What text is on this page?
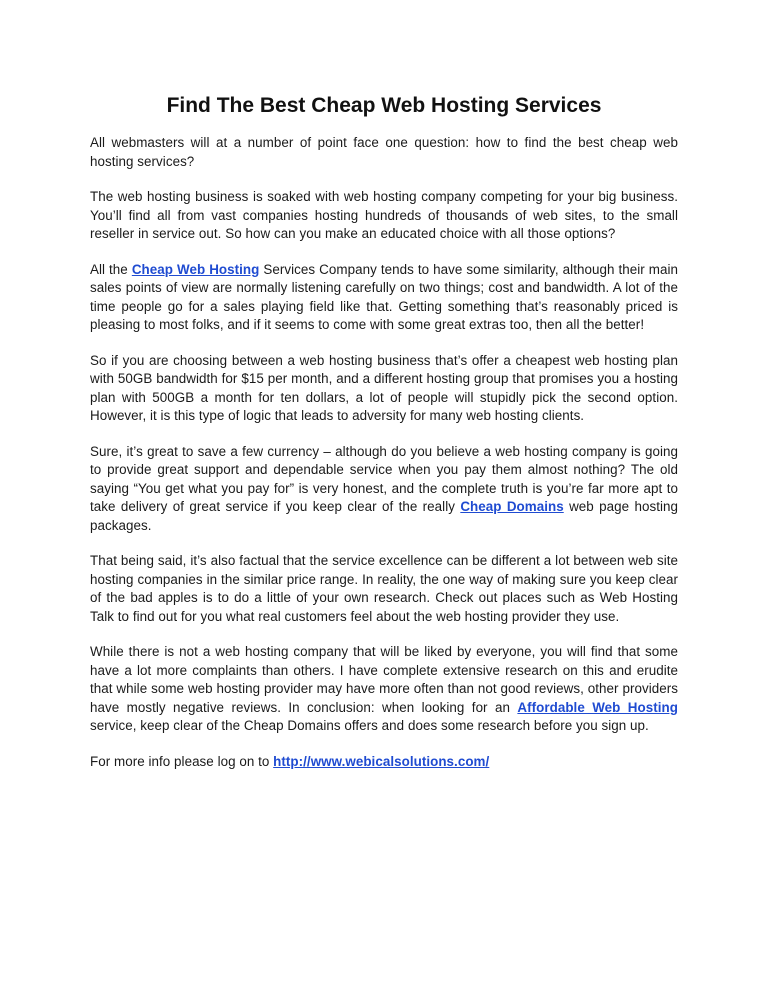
Find The Best Cheap Web Hosting Services

All webmasters will at a number of point face one question: how to find the best cheap web hosting services?

The web hosting business is soaked with web hosting company competing for your big business. You’ll find all from vast companies hosting hundreds of thousands of web sites, to the small reseller in service out. So how can you make an educated choice with all those options?

All the Cheap Web Hosting Services Company tends to have some similarity, although their main sales points of view are normally listening carefully on two things; cost and bandwidth. A lot of the time people go for a sales playing field like that. Getting something that’s reasonably priced is pleasing to most folks, and if it seems to come with some great extras too, then all the better!

So if you are choosing between a web hosting business that’s offer a cheapest web hosting plan with 50GB bandwidth for $15 per month, and a different hosting group that promises you a hosting plan with 500GB a month for ten dollars, a lot of people will stupidly pick the second option. However, it is this type of logic that leads to adversity for many web hosting clients.

Sure, it’s great to save a few currency – although do you believe a web hosting company is going to provide great support and dependable service when you pay them almost nothing? The old saying “You get what you pay for” is very honest, and the complete truth is you’re far more apt to take delivery of great service if you keep clear of the really Cheap Domains web page hosting packages.

That being said, it’s also factual that the service excellence can be different a lot between web site hosting companies in the similar price range. In reality, the one way of making sure you keep clear of the bad apples is to do a little of your own research. Check out places such as Web Hosting Talk to find out for you what real customers feel about the web hosting provider they use.

While there is not a web hosting company that will be liked by everyone, you will find that some have a lot more complaints than others. I have complete extensive research on this and erudite that while some web hosting provider may have more often than not good reviews, other providers have mostly negative reviews. In conclusion: when looking for an Affordable Web Hosting service, keep clear of the Cheap Domains offers and does some research before you sign up.

For more info please log on to http://www.webicalsolutions.com/
